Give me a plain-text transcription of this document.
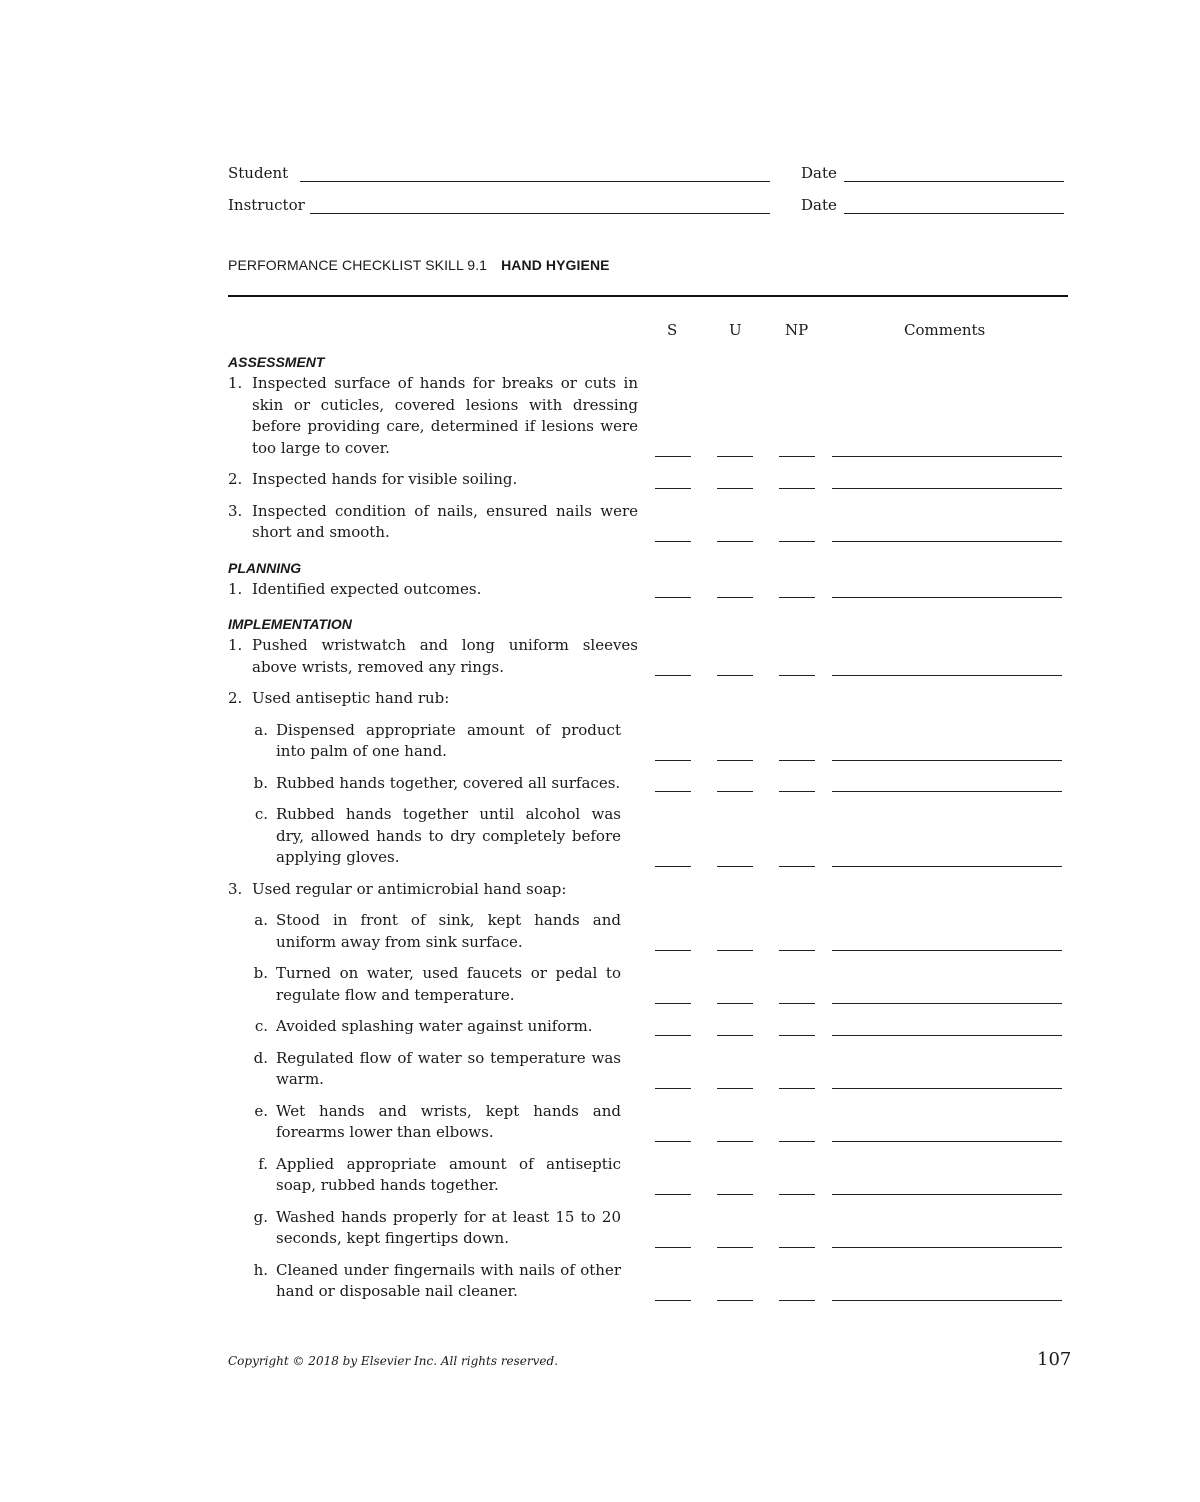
Student	Date
Instructor	Date
PERFORMANCE CHECKLIST SKILL 9.1 HAND HYGIENE
S	U	NP	Comments
ASSESSMENT
1. Inspected surface of hands for breaks or cuts in skin or cuticles, covered lesions with dressing before providing care, determined if lesions were too large to cover.
2. Inspected hands for visible soiling.
3. Inspected condition of nails, ensured nails were short and smooth.
PLANNING
1. Identified expected outcomes.
IMPLEMENTATION
1. Pushed wristwatch and long uniform sleeves above wrists, removed any rings.
2. Used antiseptic hand rub:
a. Dispensed appropriate amount of product into palm of one hand.
b. Rubbed hands together, covered all surfaces.
c. Rubbed hands together until alcohol was dry, allowed hands to dry completely before applying gloves.
3. Used regular or antimicrobial hand soap:
a. Stood in front of sink, kept hands and uniform away from sink surface.
b. Turned on water, used faucets or pedal to regulate flow and temperature.
c. Avoided splashing water against uniform.
d. Regulated flow of water so temperature was warm.
e. Wet hands and wrists, kept hands and forearms lower than elbows.
f. Applied appropriate amount of antiseptic soap, rubbed hands together.
g. Washed hands properly for at least 15 to 20 seconds, kept fingertips down.
h. Cleaned under fingernails with nails of other hand or disposable nail cleaner.
Copyright © 2018 by Elsevier Inc. All rights reserved.	107
